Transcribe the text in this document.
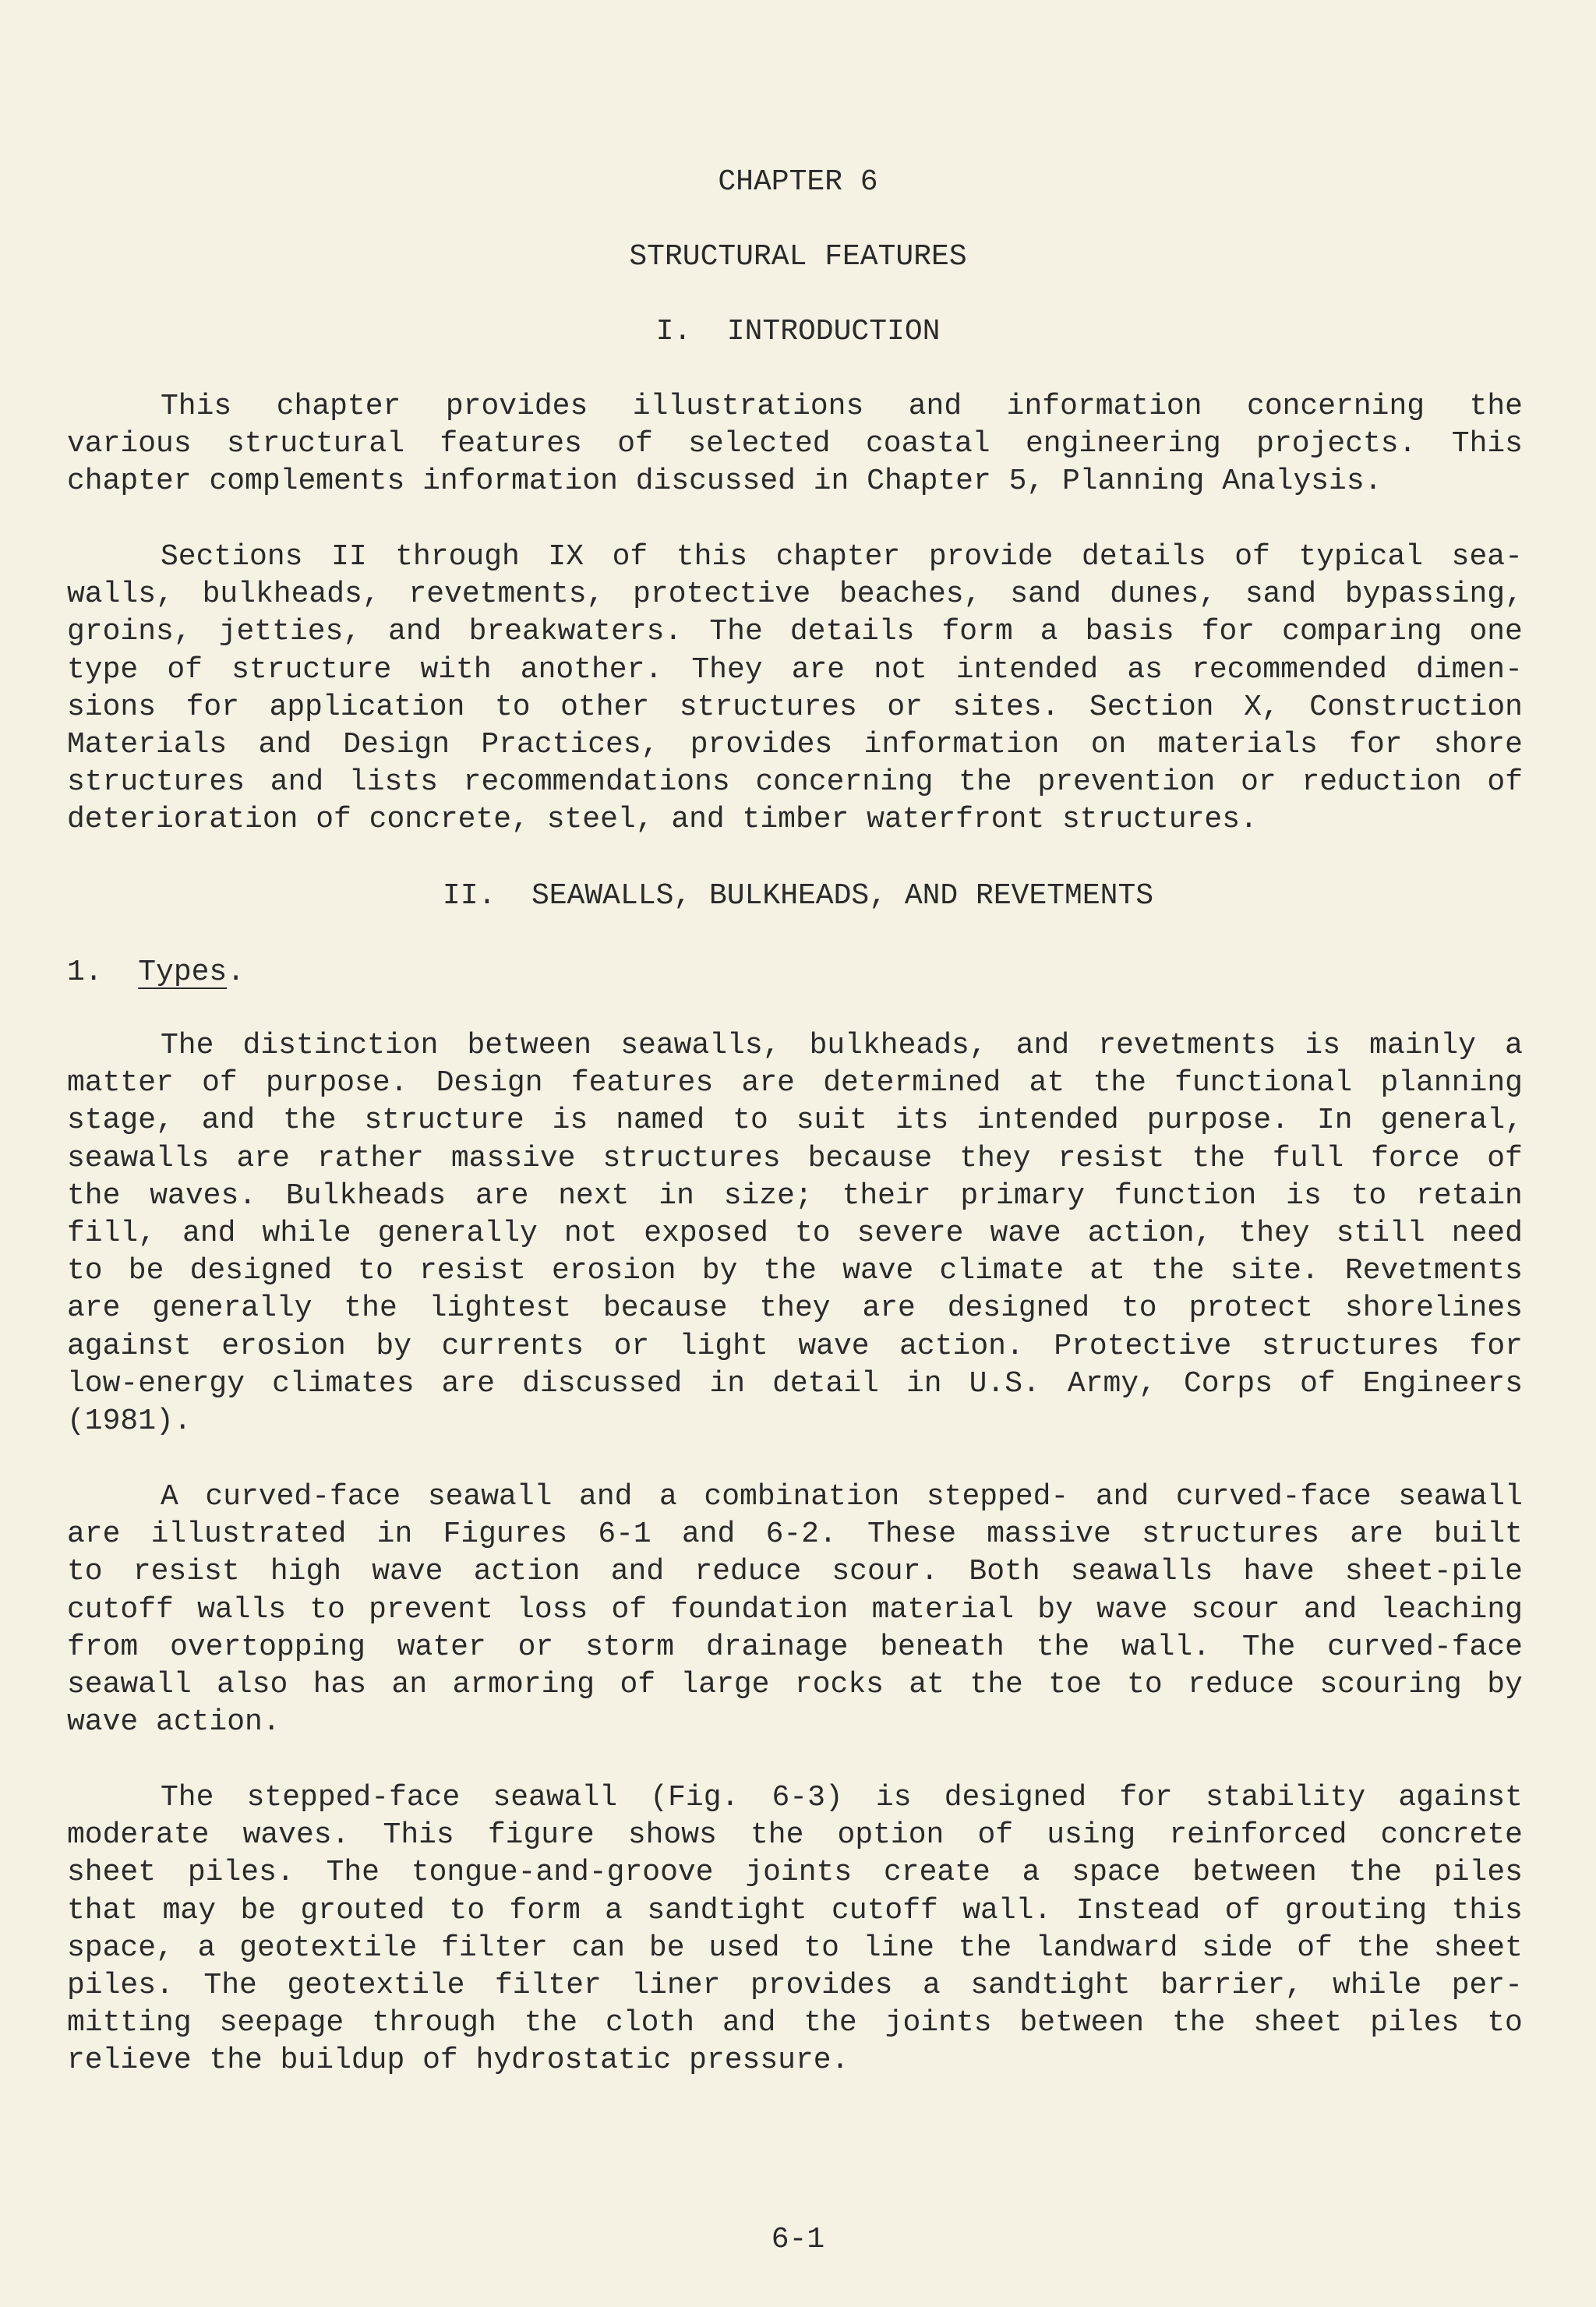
CHAPTER 6
STRUCTURAL FEATURES
I.  INTRODUCTION
This chapter provides illustrations and information concerning the
various structural features of selected coastal engineering projects. This
chapter complements information discussed in Chapter 5, Planning Analysis.
Sections II through IX of this chapter provide details of typical sea-
walls, bulkheads, revetments, protective beaches, sand dunes, sand bypassing,
groins, jetties, and breakwaters. The details form a basis for comparing one
type of structure with another. They are not intended as recommended dimen-
sions for application to other structures or sites. Section X, Construction
Materials and Design Practices, provides information on materials for shore
structures and lists recommendations concerning the prevention or reduction of
deterioration of concrete, steel, and timber waterfront structures.
II.  SEAWALLS, BULKHEADS, AND REVETMENTS
1. Types.
The distinction between seawalls, bulkheads, and revetments is mainly a
matter of purpose. Design features are determined at the functional planning
stage, and the structure is named to suit its intended purpose. In general,
seawalls are rather massive structures because they resist the full force of
the waves. Bulkheads are next in size; their primary function is to retain
fill, and while generally not exposed to severe wave action, they still need
to be designed to resist erosion by the wave climate at the site. Revetments
are generally the lightest because they are designed to protect shorelines
against erosion by currents or light wave action. Protective structures for
low-energy climates are discussed in detail in U.S. Army, Corps of Engineers
(1981).
A curved-face seawall and a combination stepped- and curved-face seawall
are illustrated in Figures 6-1 and 6-2. These massive structures are built
to resist high wave action and reduce scour. Both seawalls have sheet-pile
cutoff walls to prevent loss of foundation material by wave scour and leaching
from overtopping water or storm drainage beneath the wall. The curved-face
seawall also has an armoring of large rocks at the toe to reduce scouring by
wave action.
The stepped-face seawall (Fig. 6-3) is designed for stability against
moderate waves. This figure shows the option of using reinforced concrete
sheet piles. The tongue-and-groove joints create a space between the piles
that may be grouted to form a sandtight cutoff wall. Instead of grouting this
space, a geotextile filter can be used to line the landward side of the sheet
piles. The geotextile filter liner provides a sandtight barrier, while per-
mitting seepage through the cloth and the joints between the sheet piles to
relieve the buildup of hydrostatic pressure.
6-1
